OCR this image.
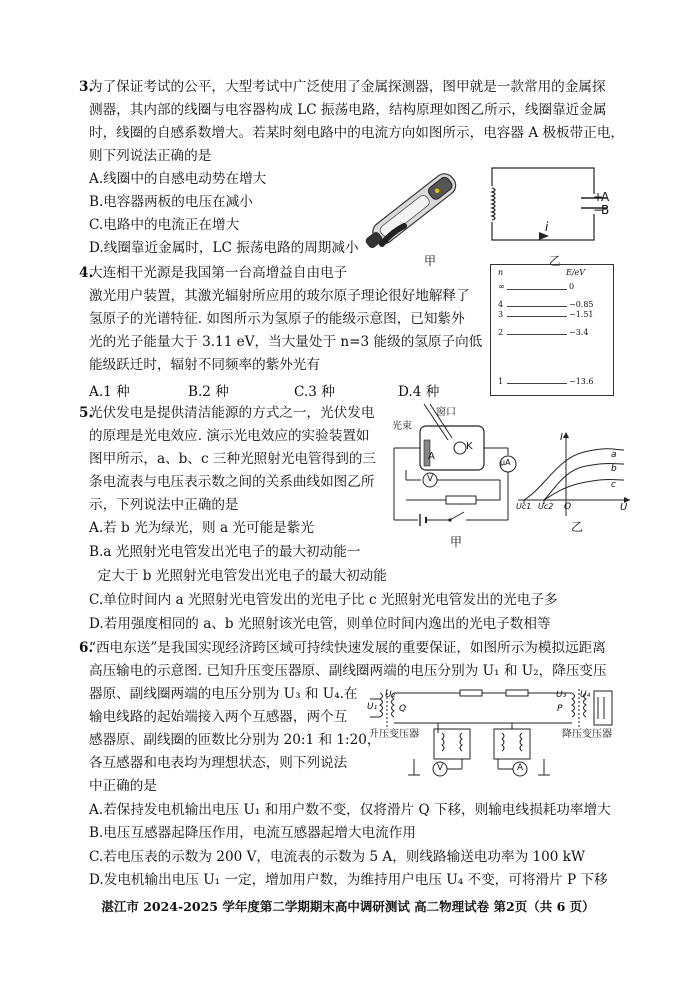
3.
为了保证考试的公平，大型考试中广泛使用了金属探测器，图甲就是一款常用的金属探
测器，其内部的线圈与电容器构成 LC 振荡电路，结构原理如图乙所示，线圈靠近金属
时，线圈的自感系数增大。若某时刻电路中的电流方向如图所示，电容器 A 极板带正电，
则下列说法正确的是
A.线圈中的自感电动势在增大
B.电容器两板的电压在减小
C.电路中的电流正在增大
D.线圈靠近金属时，LC 振荡电路的周期减小
甲
+
A
−
B
i
乙
4.
大连相干光源是我国第一台高增益自由电子
激光用户装置，其激光辐射所应用的玻尔原子理论很好地解释了
氢原子的光谱特征. 如图所示为氢原子的能级示意图，已知紫外
光的光子能量大于 3.11 eV，当大量处于 n=3 能级的氢原子向低
能级跃迁时，辐射不同频率的紫外光有
A.1 种	B.2 种	C.3 种	D.4 种
n	E/eV
∞	0
4	−0.85
3	−1.51
2	−3.4
1	−13.6
5.
光伏发电是提供清洁能源的方式之一，光伏发电
的原理是光电效应. 演示光电效应的实验装置如
图甲所示，a、b、c 三种光照射光电管得到的三
条电流表与电压表示数之间的关系曲线如图乙所
示，下列说法中正确的是
A.若 b 光为绿光，则 a 光可能是紫光
B.a 光照射光电管发出光电子的最大初动能一
定大于 b 光照射光电管发出光电子的最大初动能
C.单位时间内 a 光照射光电管发出的光电子比 c 光照射光电管发出的光电子多
D.若用强度相同的 a、b 光照射该光电管，则单位时间内逸出的光电子数相等
窗口
光束
K
A
μA
V
甲
I
a
b
c
Uc1 Uc2 O	U
乙
6.
“西电东送”是我国实现经济跨区域可持续快速发展的重要保证，如图所示为模拟远距离
高压输电的示意图. 已知升压变压器原、副线圈两端的电压分别为 U₁ 和 U₂，降压变压
器原、副线圈两端的电压分别为 U₃ 和 U₄.在
输电线路的起始端接入两个互感器，两个互
感器原、副线圈的匝数比分别为 20:1 和 1:20，
各互感器和电表均为理想状态，则下列说法
中正确的是
A.若保持发电机输出电压 U₁ 和用户数不变，仅将滑片 Q 下移，则输电线损耗功率增大
B.电压互感器起降压作用，电流互感器起增大电流作用
C.若电压表的示数为 200 V，电流表的示数为 5 A，则线路输送电功率为 100 kW
D.发电机输出电压 U₁ 一定，增加用户数，为维持用户电压 U₄ 不变，可将滑片 P 下移
U₁
U₂
Q
U₃ U₄
P
升压变压器	降压变压器
V	A
湛江市 2024-2025 学年度第二学期期末高中调研测试 高二物理试卷 第2页（共 6 页）
